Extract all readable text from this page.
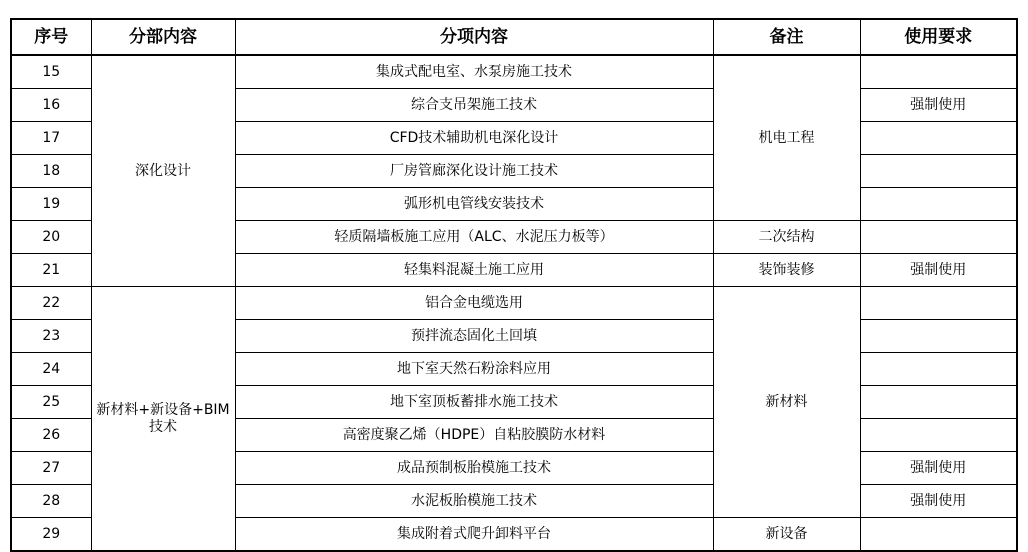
序号	分部内容	分项内容	备注	使用要求
15	深化设计	集成式配电室、水泵房施工技术	机电工程	
16		综合支吊架施工技术		强制使用
17		CFD技术辅助机电深化设计		
18		厂房管廊深化设计施工技术		
19		弧形机电管线安装技术		
20		轻质隔墙板施工应用（ALC、水泥压力板等）	二次结构	
21		轻集料混凝土施工应用	装饰装修	强制使用
22	新材料+新设备+BIM技术	铝合金电缆选用	新材料	
23		预拌流态固化土回填		
24		地下室天然石粉涂料应用		
25		地下室顶板蓄排水施工技术		
26		高密度聚乙烯（HDPE）自粘胶膜防水材料		
27		成品预制板胎模施工技术		强制使用
28		水泥板胎模施工技术		强制使用
29		集成附着式爬升卸料平台	新设备	
